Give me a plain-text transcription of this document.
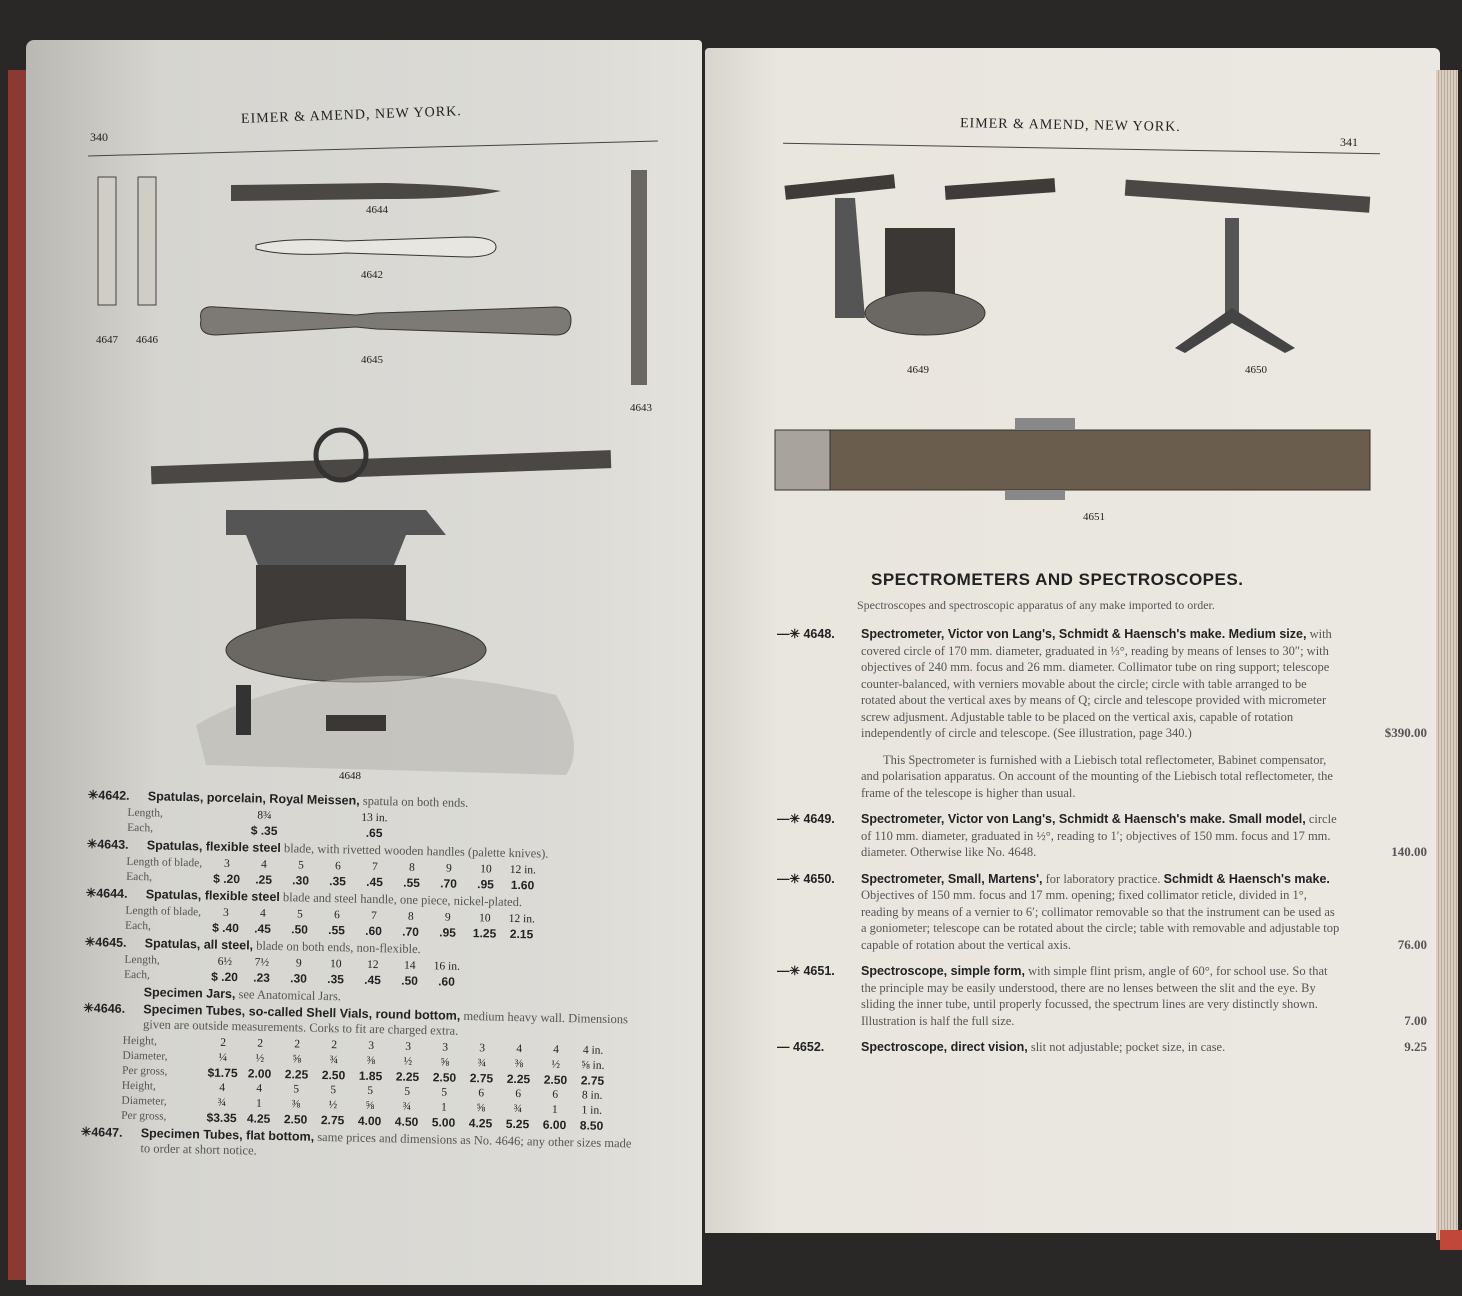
340
EIMER & AMEND, NEW YORK.
4644
4642
4645
4647 4646
4643
4648
✳4642. Spatulas, porcelain, Royal Meissen, spatula on both ends.
Length,	8¾	13 in.
Each,	$ .35	.65
✳4643. Spatulas, flexible steel blade, with rivetted wooden handles (palette knives).
Length of blade,	3	4	5	6	7	8	9	10	12 in.
Each,	$ .20	.25	.30	.35	.45	.55	.70	.95	1.60
✳4644. Spatulas, flexible steel blade and steel handle, one piece, nickel-plated.
Length of blade,	3	4	5	6	7	8	9	10	12 in.
Each,	$ .40	.45	.50	.55	.60	.70	.95	1.25	2.15
✳4645. Spatulas, all steel, blade on both ends, non-flexible.
Length,	6½	7½	9	10	12	14	16 in.
Each,	$ .20	.23	.30	.35	.45	.50	.60
Specimen Jars, see Anatomical Jars.
✳4646. Specimen Tubes, so-called Shell Vials, round bottom, medium heavy wall. Dimensions given are outside measurements. Corks to fit are charged extra.
Height,	2	2	2	2	3	3	3	3	4	4	4 in.
Diameter,	¼	½	⅝	¾	⅜	½	⅝	¾	⅜	½	⅝ in.
Per gross,	$1.75 2.00	2.25	2.50	1.85	2.25	2.50	2.75	2.25	2.50	2.75
Height,	4	4	5	5	5	5	5	6	6	6	8 in.
Diameter,	¾	1	⅜	½	⅝	¾	1	⅝	¾	1	1 in.
Per gross,	$3.35 4.25	2.50	2.75	4.00	4.50	5.00	4.25	5.25	6.00	8.50
✳4647. Specimen Tubes, flat bottom, same prices and dimensions as No. 4646; any other sizes made to order at short notice.
EIMER & AMEND, NEW YORK.
341
4649	4650
4651
SPECTROMETERS AND SPECTROSCOPES.
Spectroscopes and spectroscopic apparatus of any make imported to order.
—✳ 4648. Spectrometer, Victor von Lang's, Schmidt & Haensch's make. Medium size, with covered circle of 170 mm. diameter, graduated in ⅓°, reading by means of lenses to 30″; with objectives of 240 mm. focus and 26 mm. diameter. Collimator tube on ring support; telescope counter-balanced, with verniers movable about the circle; circle with table arranged to be rotated about the vertical axes by means of Q; circle and telescope provided with micrometer screw adjusment. Adjustable table to be placed on the vertical axis, capable of rotation independently of circle and telescope. (See illustration, page 340.)	$390.00
This Spectrometer is furnished with a Liebisch total reflectometer, Babinet compensator, and polarisation apparatus. On account of the mounting of the Liebisch total reflectometer, the frame of the telescope is higher than usual.
—✳ 4649. Spectrometer, Victor von Lang's, Schmidt & Haensch's make. Small model, circle of 110 mm. diameter, graduated in ½°, reading to 1′; objectives of 150 mm. focus and 17 mm. diameter. Otherwise like No. 4648.	140.00
—✳ 4650. Spectrometer, Small, Martens', for laboratory practice. Schmidt & Haensch's make. Objectives of 150 mm. focus and 17 mm. opening; fixed collimator reticle, divided in 1°, reading by means of a vernier to 6′; collimator removable so that the instrument can be used as a goniometer; telescope can be rotated about the circle; table with removable and adjustable top capable of rotation about the vertical axis.	76.00
—✳ 4651. Spectroscope, simple form, with simple flint prism, angle of 60°, for school use. So that the principle may be easily understood, there are no lenses between the slit and the eye. By sliding the inner tube, until properly focussed, the spectrum lines are very distinctly shown. Illustration is half the full size.	7.00
— 4652.	Spectroscope, direct vision, slit not adjustable; pocket size, in case.	9.25
